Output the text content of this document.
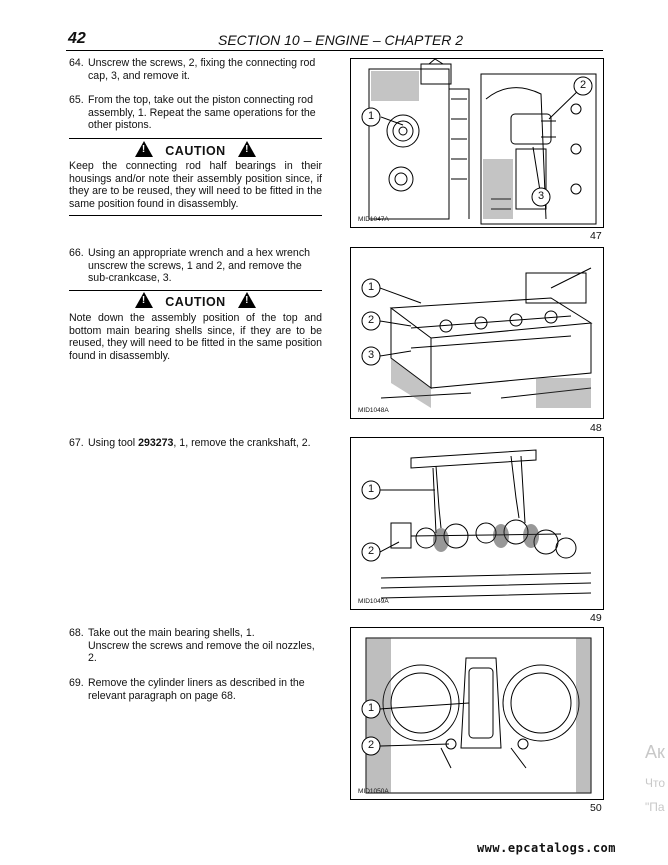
42	SECTION 10 – ENGINE – CHAPTER 2
64. Unscrew the screws, 2, fixing the connecting rod cap, 3, and remove it.
65. From the top, take out the piston connecting rod assembly, 1. Repeat the same operations for the other pistons.
! CAUTION !
Keep the connecting rod half bearings in their housings and/or note their assembly position since, if they are to be reused, they will need to be fitted in the same position found in disassembly.
66. Using an appropriate wrench and a hex wrench unscrew the screws, 1 and 2, and remove the sub-crankcase, 3.
! CAUTION !
Note down the assembly position of the top and bottom main bearing shells since, if they are to be reused, they will need to be fitted in the same position found in disassembly.
67. Using tool 293273, 1, remove the crankshaft, 2.
68. Take out the main bearing shells, 1.
Unscrew the screws and remove the oil nozzles, 2.
69. Remove the cylinder liners as described in the relevant paragraph on page 68.
1
2
3
MID1047A
47
1
2
3
MID1048A
48
1
2
MID1049A
49
1
2
MID1050A
50
www.epcatalogs.com
Ак
Что
"Па
